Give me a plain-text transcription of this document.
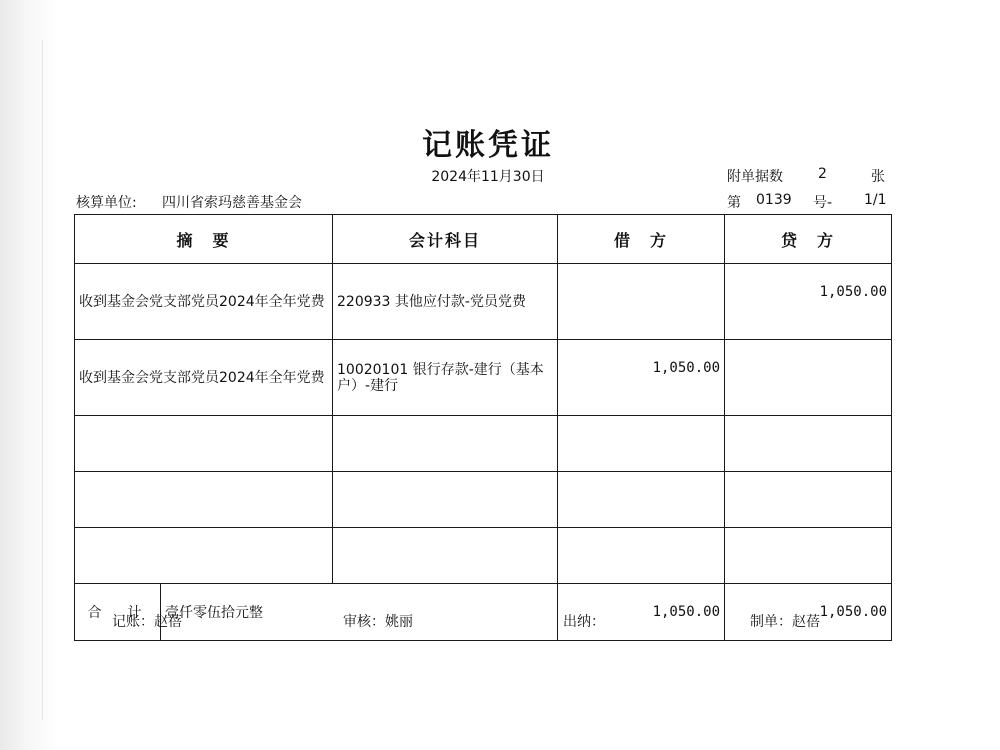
记账凭证
2024年11月30日	附单据数	2	张
核算单位: 四川省索玛慈善基金会	第 0139 号- 1/1
摘　要		会计科目	借　方	贷　方
收到基金会党支部党员2024年全年党费		220933 其他应付款-党员党费		1,050.00
收到基金会党支部党员2024年全年党费		10020101 银行存款-建行（基本户）-建行	1,050.00	

合　计	壹仟零伍拾元整		1,050.00	1,050.00
记账：赵蓓	审核：姚丽	出纳：	制单：赵蓓
